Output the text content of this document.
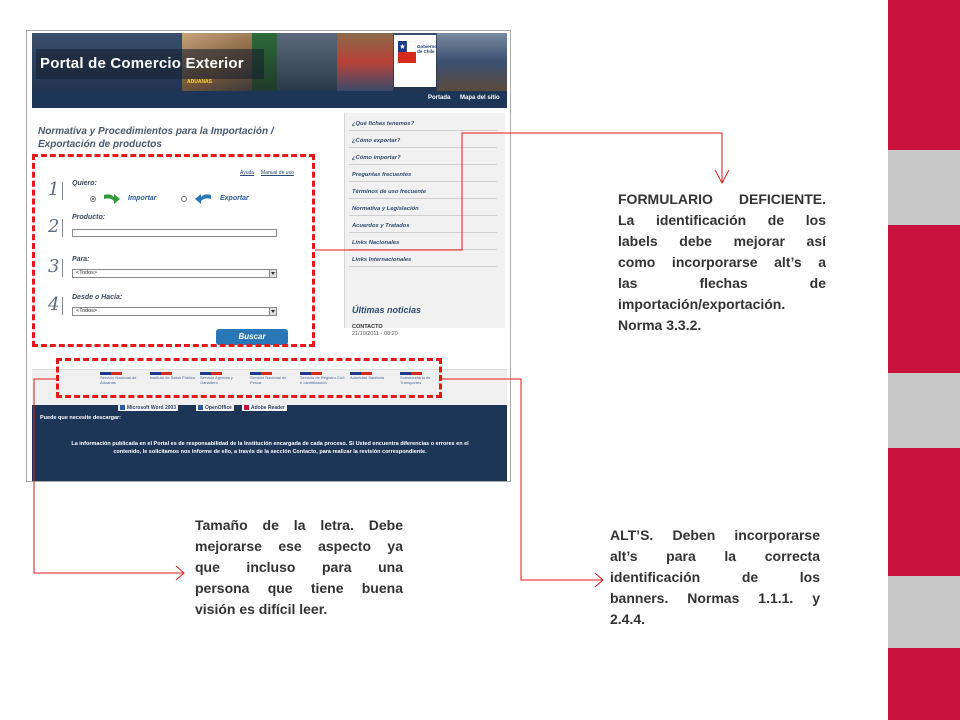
Portal de Comercio Exterior
ADUANAS
Gobierno
de Chile
Portada Mapa del sitio
Normativa y Procedimientos para la Importación /
Exportación de productos
Ayuda Manual de uso
1 Quiero:
Importar	Exportar
2 Producto:
3 Para:
<Todos>
4 Desde o Hacia:
<Todos>
Buscar
¿Qué fichas tenemos?
¿Cómo exportar?
¿Cómo importar?
Preguntas frecuentes
Términos de uso frecuente
Normativa y Legislación
Acuerdos y Tratados
Links Nacionales
Links Internacionales
Últimas noticias
CONTACTO
21/10/2011 - 08:20
Servicio Nacional de Aduanas
Instituto de Salud Pública Servicio Agrícola y Ganadero
Servicio Nacional de Pesca
Servicio de Registro Civil e Identificación
Autoridad Sanitaria	Subsecretaría de Transportes
Microsoft Word 2003	OpenOffice	Adobe Reader
Puede que necesite descargar:
La información publicada en el Portal es de responsabilidad de la Institución encargada de cada proceso. Si Usted encuentra diferencias o errores en el
contenido, le solicitamos nos informe de ello, a través de la sección Contacto, para realizar la revisión correspondiente.
FORMULARIO DEFICIENTE.
La identificación de los
labels debe mejorar así
como incorporarse alt’s a
las flechas de
importación/exportación.
Norma 3.3.2.
Tamaño de la letra. Debe
mejorarse ese aspecto ya
que incluso para una
persona que tiene buena
visión es difícil leer.
ALT’S. Deben incorporarse
alt’s para la correcta
identificación de los
banners. Normas 1.1.1. y
2.4.4.
